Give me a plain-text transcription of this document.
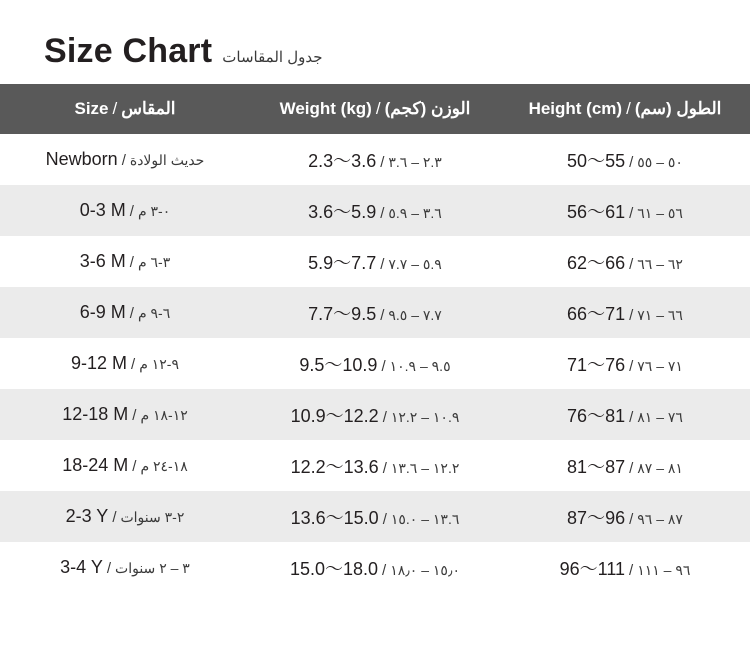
Size Chart جدول المقاسات
Size / المقاس	Weight (kg) / الوزن (كجم)	Height (cm) / الطول (سم)

Newborn / حديث الولادة	2.3〜3.6 / ٢.٣ – ٣.٦	50〜55 / ٥٠ – ٥٥

0-3 M / ٠-٣ م	3.6〜5.9 / ٣.٦ – ٥.٩	56〜61 / ٥٦ – ٦١

3-6 M / ٣-٦ م	5.9〜7.7 / ٥.٩ – ٧.٧	62〜66 / ٦٢ – ٦٦

6-9 M / ٦-٩ م	7.7〜9.5 / ٧.٧ – ٩.٥	66〜71 / ٦٦ – ٧١

9-12 M / ٩-١٢ م	9.5〜10.9 / ٩.٥ – ١٠.٩	71〜76 / ٧١ – ٧٦

12-18 M / ١٢-١٨ م	10.9〜12.2 / ١٠.٩ – ١٢.٢	76〜81 / ٧٦ – ٨١

18-24 M / ١٨-٢٤ م	12.2〜13.6 / ١٢.٢ – ١٣.٦	81〜87 / ٨١ – ٨٧

2-3 Y / ٢-٣ سنوات	13.6〜15.0 / ١٣.٦ – ١٥.٠	87〜96 / ٨٧ – ٩٦

3-4 Y / ٣ – ٢ سنوات	15.0〜18.0 / ١٥٫٠ – ١٨٫٠	96〜111 / ٩٦ – ١١١
